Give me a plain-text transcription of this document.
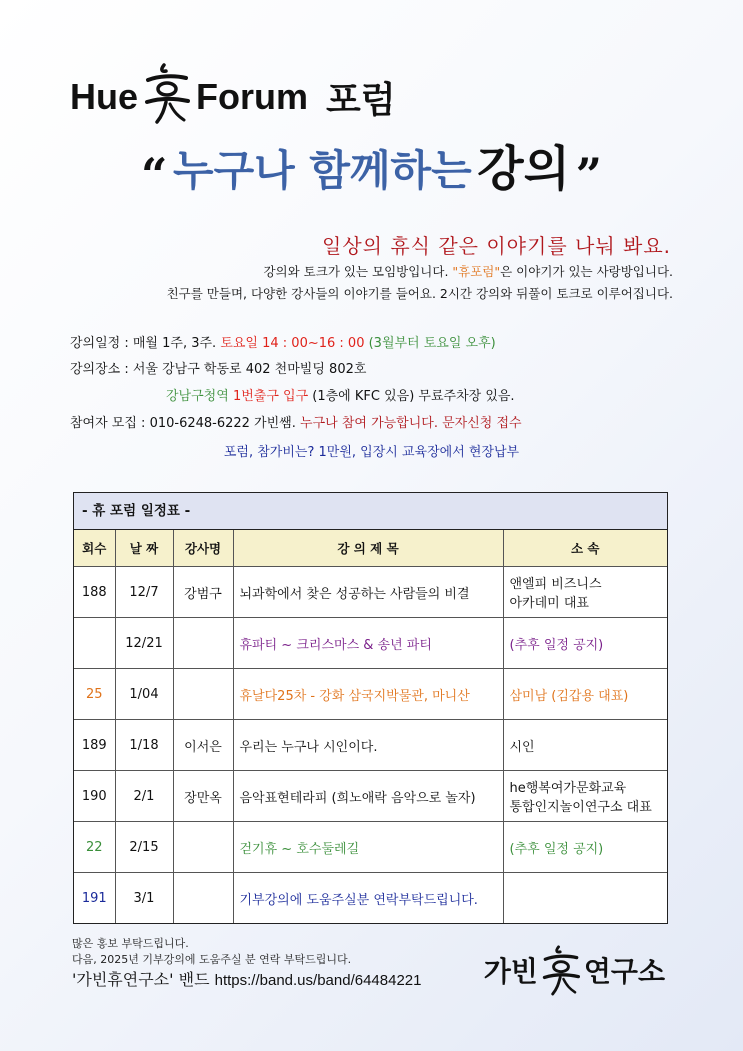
Hue Forum 포럼
“ 누구나 함께하는 강의 ”
일상의 휴식 같은 이야기를 나눠 봐요.
강의와 토크가 있는 모임방입니다. "휴포럼"은 이야기가 있는 사랑방입니다.
친구를 만들며, 다양한 강사들의 이야기를 들어요. 2시간 강의와 뒤풀이 토크로 이루어집니다.
강의일정 : 매월 1주, 3주. 토요일 14 : 00~16 : 00 (3월부터 토요일 오후)
강의장소 : 서울 강남구 학동로 402 천마빌딩 802호
강남구청역 1번출구 입구 (1층에 KFC 있음) 무료주차장 있음.
참여자 모집 : 010-6248-6222 가빈쌤. 누구나 참여 가능합니다. 문자신청 접수
포럼, 참가비는? 1만원, 입장시 교육장에서 현장납부
- 휴 포럼 일정표 -
회수	날 짜	강사명	강 의 제 목	소 속
188	12/7	강범구	뇌과학에서 찾은 성공하는 사람들의 비결	앤엘피 비즈니스
아카데미 대표

	12/21		휴파티 ~ 크리스마스 & 송년 파티	(추후 일정 공지)

25	1/04		휴날다25차 - 강화 삼국지박물관, 마니산	삼미남 (김갑용 대표)

189	1/18	이서은	우리는 누구나 시인이다.	시인

190	2/1	장만옥	음악표현테라피 (희노애락 음악으로 놀자)	he행복여가문화교육
통합인지놀이연구소 대표

22	2/15		걷기휴 ~ 호수둘레길	(추후 일정 공지)

191	3/1		기부강의에 도움주실분 연락부탁드립니다.	
많은 홍보 부탁드립니다.
다음, 2025년 기부강의에 도움주실 분 연락 부탁드립니다.
'가빈휴연구소' 밴드 https://band.us/band/64484221 가빈 연구소
